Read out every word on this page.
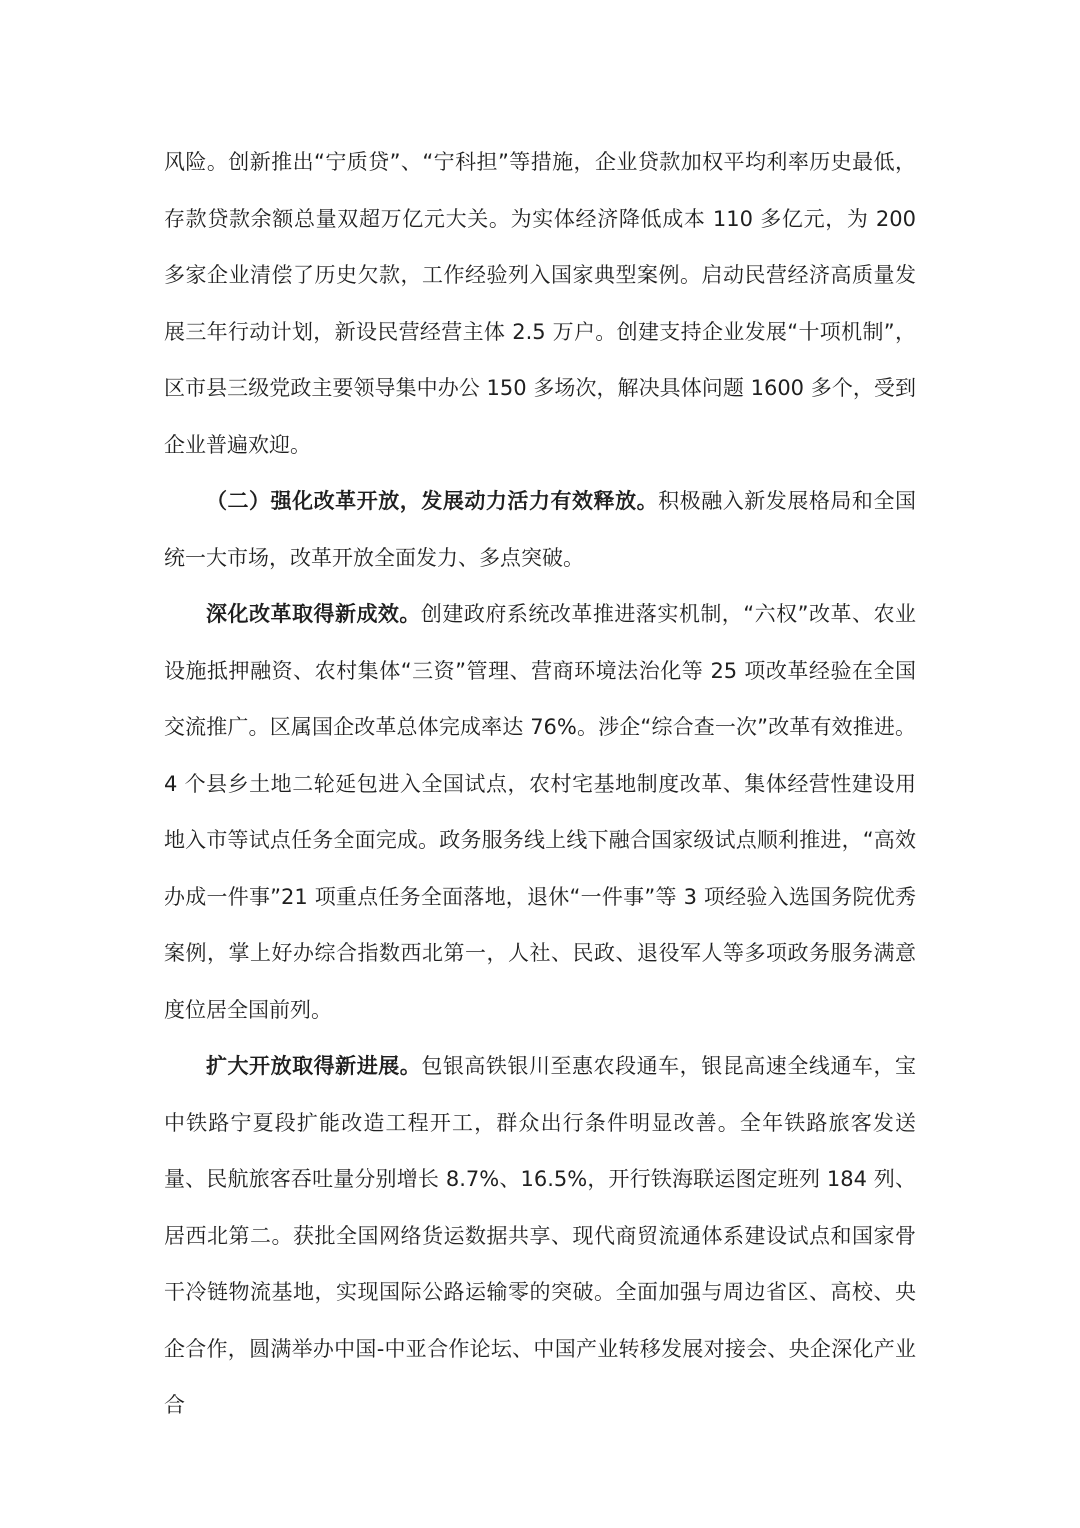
风险。创新推出“宁质贷”、“宁科担”等措施，企业贷款加权平均利率历史最低，存款贷款余额总量双超万亿元大关。为实体经济降低成本 110 多亿元，为 200 多家企业清偿了历史欠款，工作经验列入国家典型案例。启动民营经济高质量发展三年行动计划，新设民营经营主体 2.5 万户。创建支持企业发展“十项机制”，区市县三级党政主要领导集中办公 150 多场次，解决具体问题 1600 多个，受到企业普遍欢迎。

（二）强化改革开放，发展动力活力有效释放。积极融入新发展格局和全国统一大市场，改革开放全面发力、多点突破。

深化改革取得新成效。创建政府系统改革推进落实机制，“六权”改革、农业设施抵押融资、农村集体“三资”管理、营商环境法治化等 25 项改革经验在全国交流推广。区属国企改革总体完成率达 76%。涉企“综合查一次”改革有效推进。4 个县乡土地二轮延包进入全国试点，农村宅基地制度改革、集体经营性建设用地入市等试点任务全面完成。政务服务线上线下融合国家级试点顺利推进，“高效办成一件事”21 项重点任务全面落地，退休“一件事”等 3 项经验入选国务院优秀案例，掌上好办综合指数西北第一，人社、民政、退役军人等多项政务服务满意度位居全国前列。

扩大开放取得新进展。包银高铁银川至惠农段通车，银昆高速全线通车，宝中铁路宁夏段扩能改造工程开工，群众出行条件明显改善。全年铁路旅客发送量、民航旅客吞吐量分别增长 8.7%、16.5%，开行铁海联运图定班列 184 列、居西北第二。获批全国网络货运数据共享、现代商贸流通体系建设试点和国家骨干冷链物流基地，实现国际公路运输零的突破。全面加强与周边省区、高校、央企合作，圆满举办中国-中亚合作论坛、中国产业转移发展对接会、央企深化产业合
